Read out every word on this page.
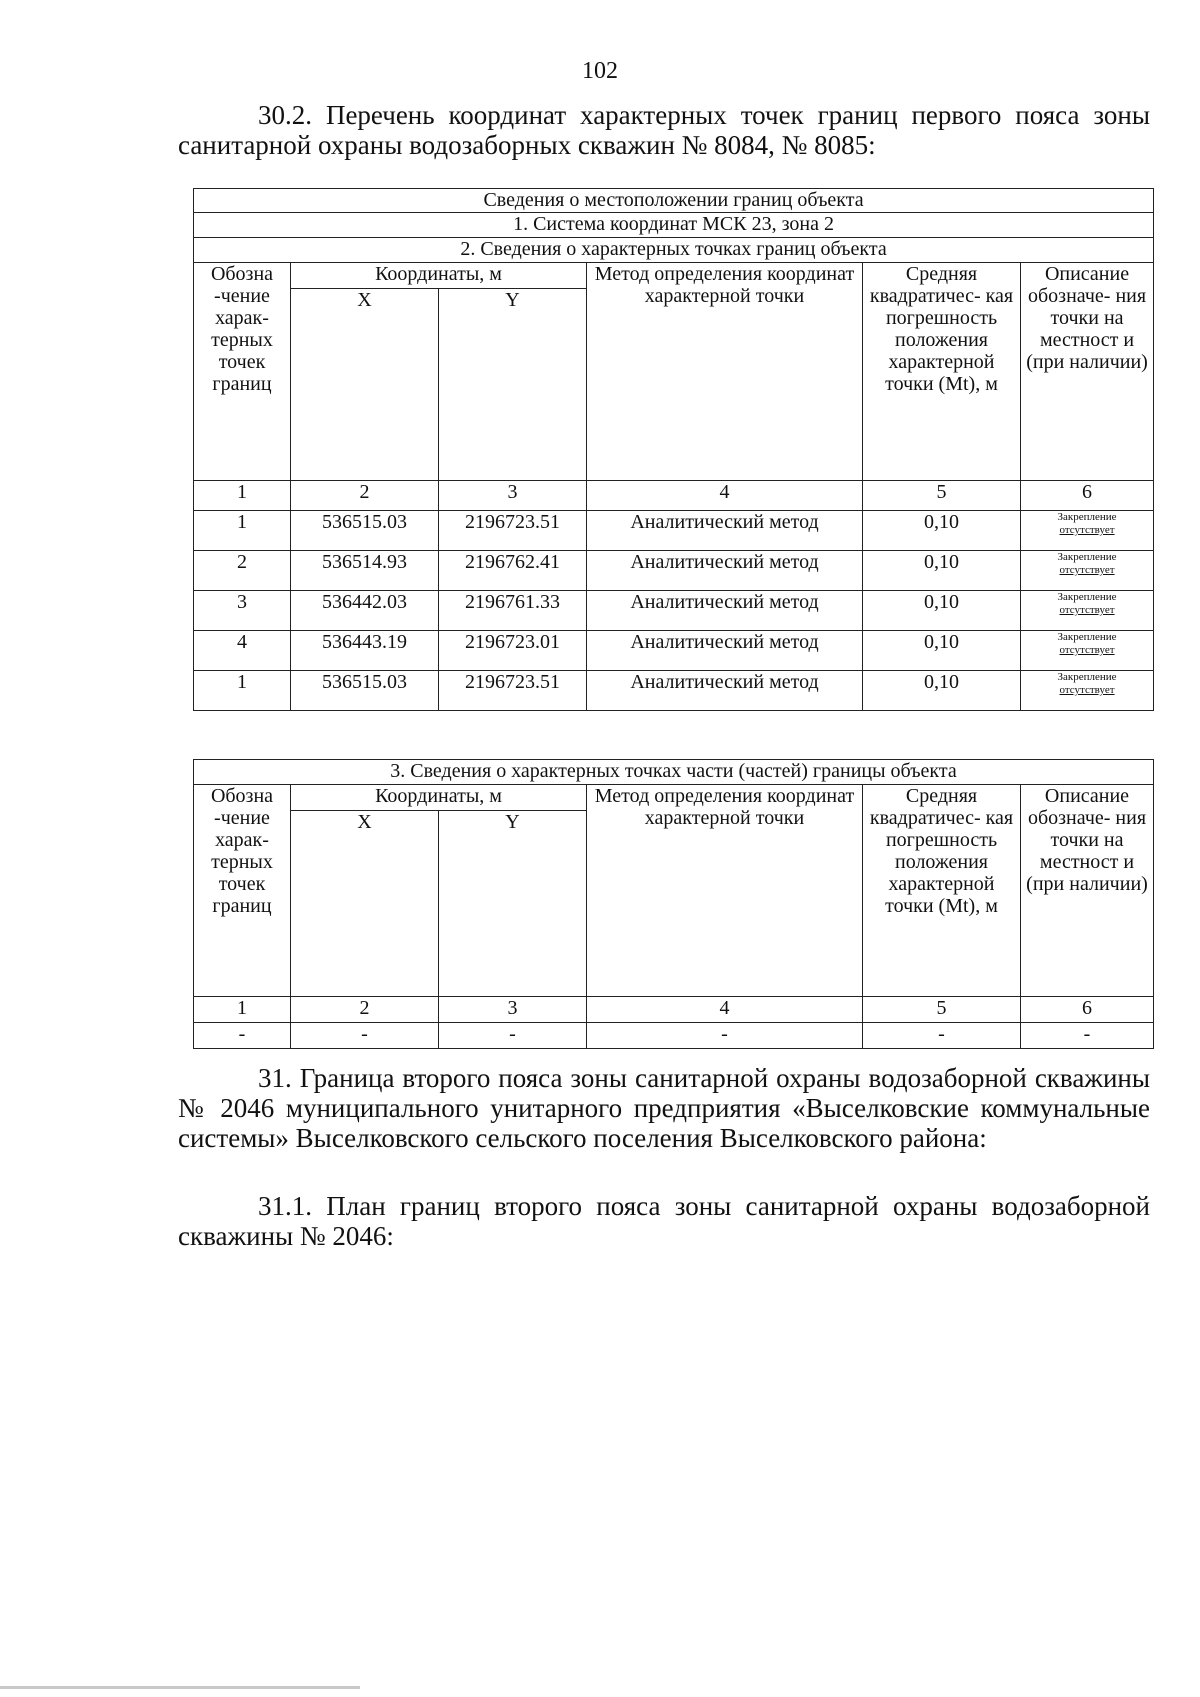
102
30.2. Перечень координат характерных точек границ первого пояса зоны санитарной охраны водозаборных скважин № 8084, № 8085:
Сведения о местоположении границ объекта					
1. Система координат МСК 23, зона 2					
2. Сведения о характерных точках границ объекта					
Обозна -чение харак- терных точек границ	Координаты, м		Метод определения координат характерной точки	Средняя квадратичес- кая погрешность положения характерной точки (Mt), м	Описание обозначе- ния точки на местност и (при наличии)
	X	Y			
1	2	3	4	5	6
1	536515.03	2196723.51	Аналитический метод	0,10	Закрепление
отсутствует

2	536514.93	2196762.41	Аналитический метод	0,10	Закрепление
отсутствует

3	536442.03	2196761.33	Аналитический метод	0,10	Закрепление
отсутствует

4	536443.19	2196723.01	Аналитический метод	0,10	Закрепление
отсутствует

1	536515.03	2196723.51	Аналитический метод	0,10	Закрепление
отсутствует
3. Сведения о характерных точках части (частей) границы объекта					
Обозна -чение харак- терных точек границ	Координаты, м		Метод определения координат характерной точки	Средняя квадратичес- кая погрешность положения характерной точки (Mt), м	Описание обозначе- ния точки на местност и (при наличии)
	X	Y			
1	2	3	4	5	6
-	-	-	-	-	-
31. Граница второго пояса зоны санитарной охраны водозаборной скважины № 2046 муниципального унитарного предприятия «Выселковские коммунальные системы» Выселковского сельского поселения Выселковского района:
31.1. План границ второго пояса зоны санитарной охраны водозаборной скважины № 2046:
